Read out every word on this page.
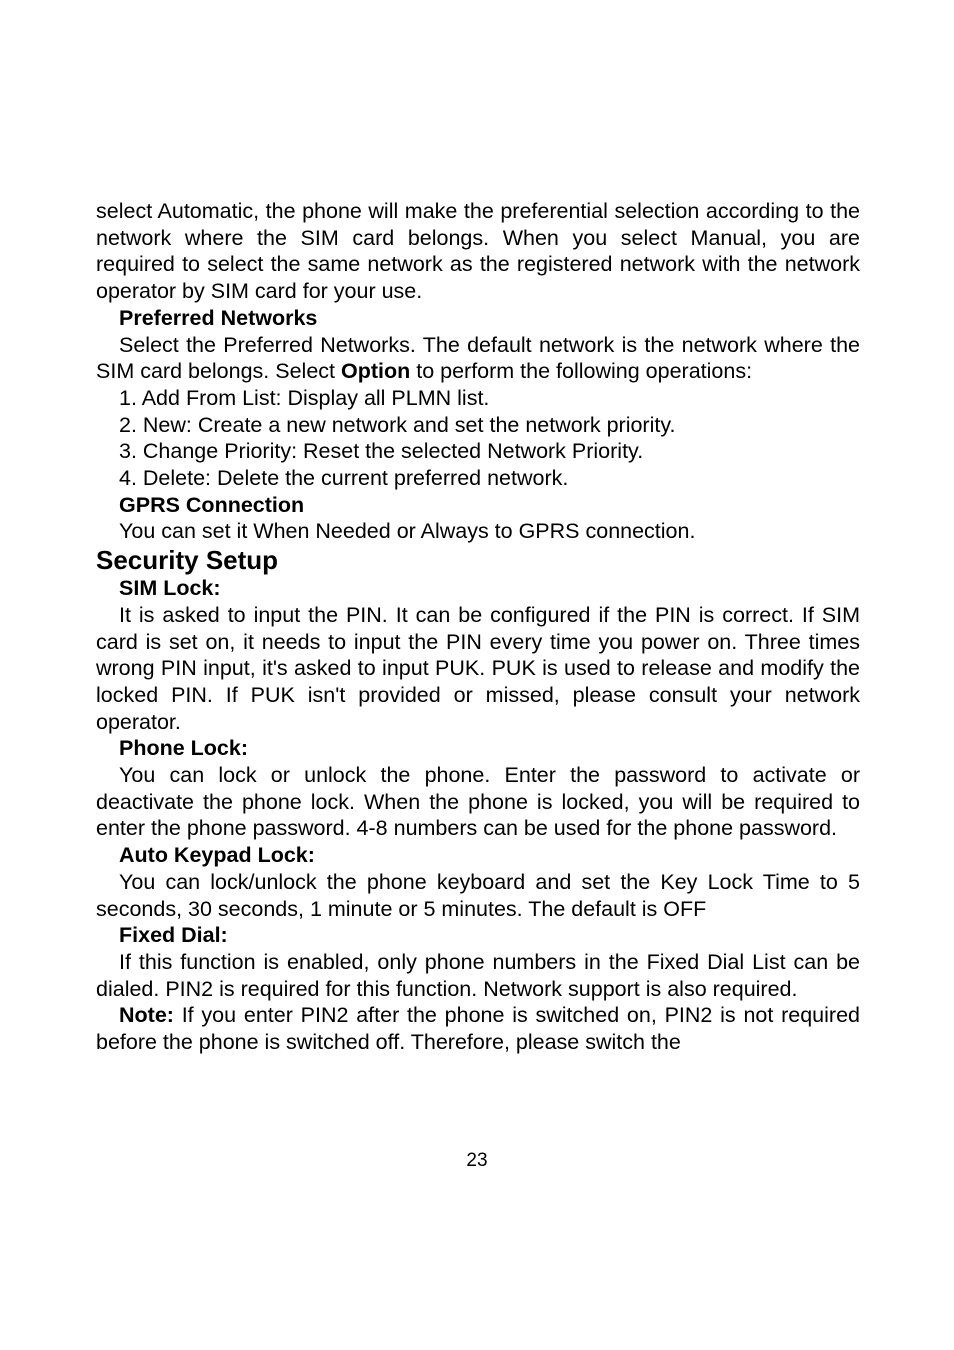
select Automatic, the phone will make the preferential selection according to the network where the SIM card belongs. When you select Manual, you are required to select the same network as the registered network with the network operator by SIM card for your use.

Preferred Networks

Select the Preferred Networks. The default network is the network where the SIM card belongs. Select Option to perform the following operations:

1. Add From List: Display all PLMN list.

2. New: Create a new network and set the network priority.

3. Change Priority: Reset the selected Network Priority.

4. Delete: Delete the current preferred network.

GPRS Connection

You can set it When Needed or Always to GPRS connection.

Security Setup

SIM Lock:

It is asked to input the PIN. It can be configured if the PIN is correct. If SIM card is set on, it needs to input the PIN every time you power on. Three times wrong PIN input, it's asked to input PUK. PUK is used to release and modify the locked PIN. If PUK isn't provided or missed, please consult your network operator.

Phone Lock:

You can lock or unlock the phone. Enter the password to activate or deactivate the phone lock. When the phone is locked, you will be required to enter the phone password. 4-8 numbers can be used for the phone password.

Auto Keypad Lock:

You can lock/unlock the phone keyboard and set the Key Lock Time to 5 seconds, 30 seconds, 1 minute or 5 minutes. The default is OFF

Fixed Dial:

If this function is enabled, only phone numbers in the Fixed Dial List can be dialed. PIN2 is required for this function. Network support is also required.

Note: If you enter PIN2 after the phone is switched on, PIN2 is not required before the phone is switched off. Therefore, please switch the

23
